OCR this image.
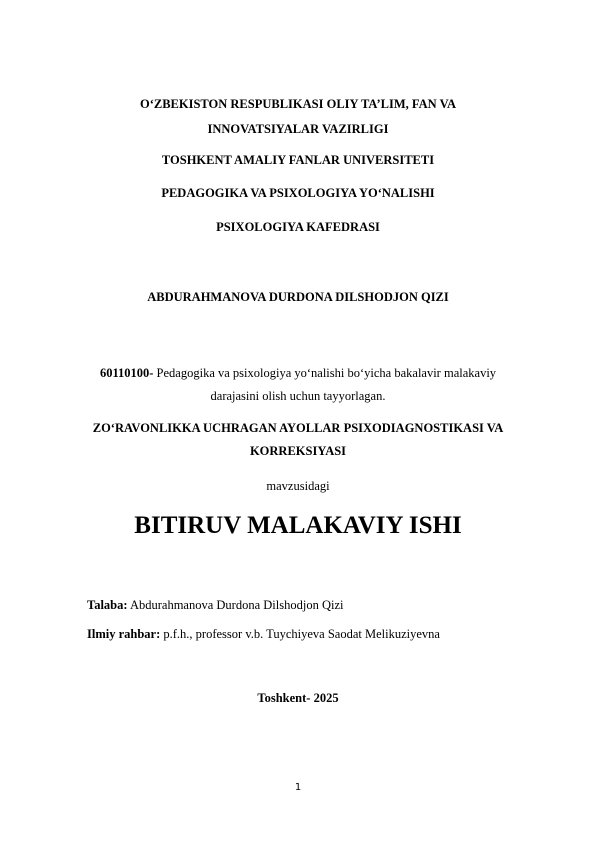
O‘ZBEKISTON RESPUBLIKASI OLIY TA’LIM, FAN VA
INNOVATSIYALAR VAZIRLIGI
TOSHKENT AMALIY FANLAR UNIVERSITETI
PEDAGOGIKA VA PSIXOLOGIYA YO‘NALISHI
PSIXOLOGIYA KAFEDRASI
ABDURAHMANOVA DURDONA DILSHODJON QIZI
60110100- Pedagogika va psixologiya yo‘nalishi bo‘yicha bakalavir malakaviy
darajasini olish uchun tayyorlagan.
ZO‘RAVONLIKKA UCHRAGAN AYOLLAR PSIXODIAGNOSTIKASI VA
KORREKSIYASI
mavzusidagi
BITIRUV MALAKAVIY ISHI
Talaba: Abdurahmanova Durdona Dilshodjon Qizi
Ilmiy rahbar: p.f.h., professor v.b. Tuychiyeva Saodat Melikuziyevna
Toshkent- 2025
1
